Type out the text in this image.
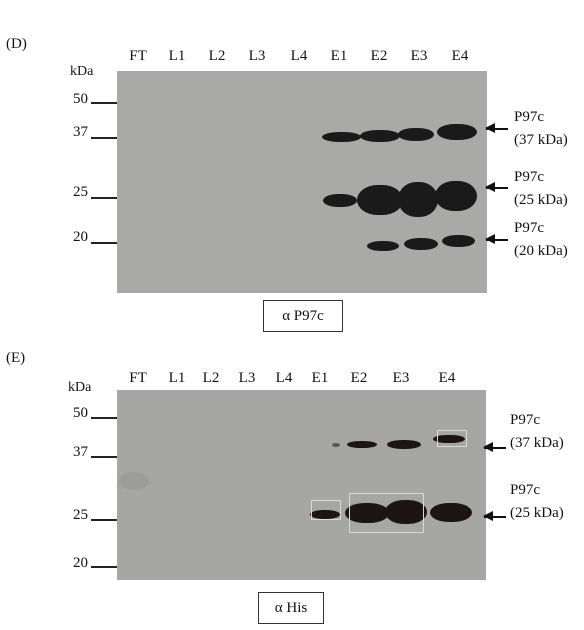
(D)
FT	L1	L2	L3	L4	E1	E2	E3	E4
kDa
50
37
25
20
P97c
(37 kDa)
P97c
(25 kDa)
P97c
(20 kDa)
α P97c
(E)
FT	L1	L2	L3	L4	E1	E2	E3	E4
kDa
50
37
25
20
P97c
(37 kDa)
P97c
(25 kDa)
α His
